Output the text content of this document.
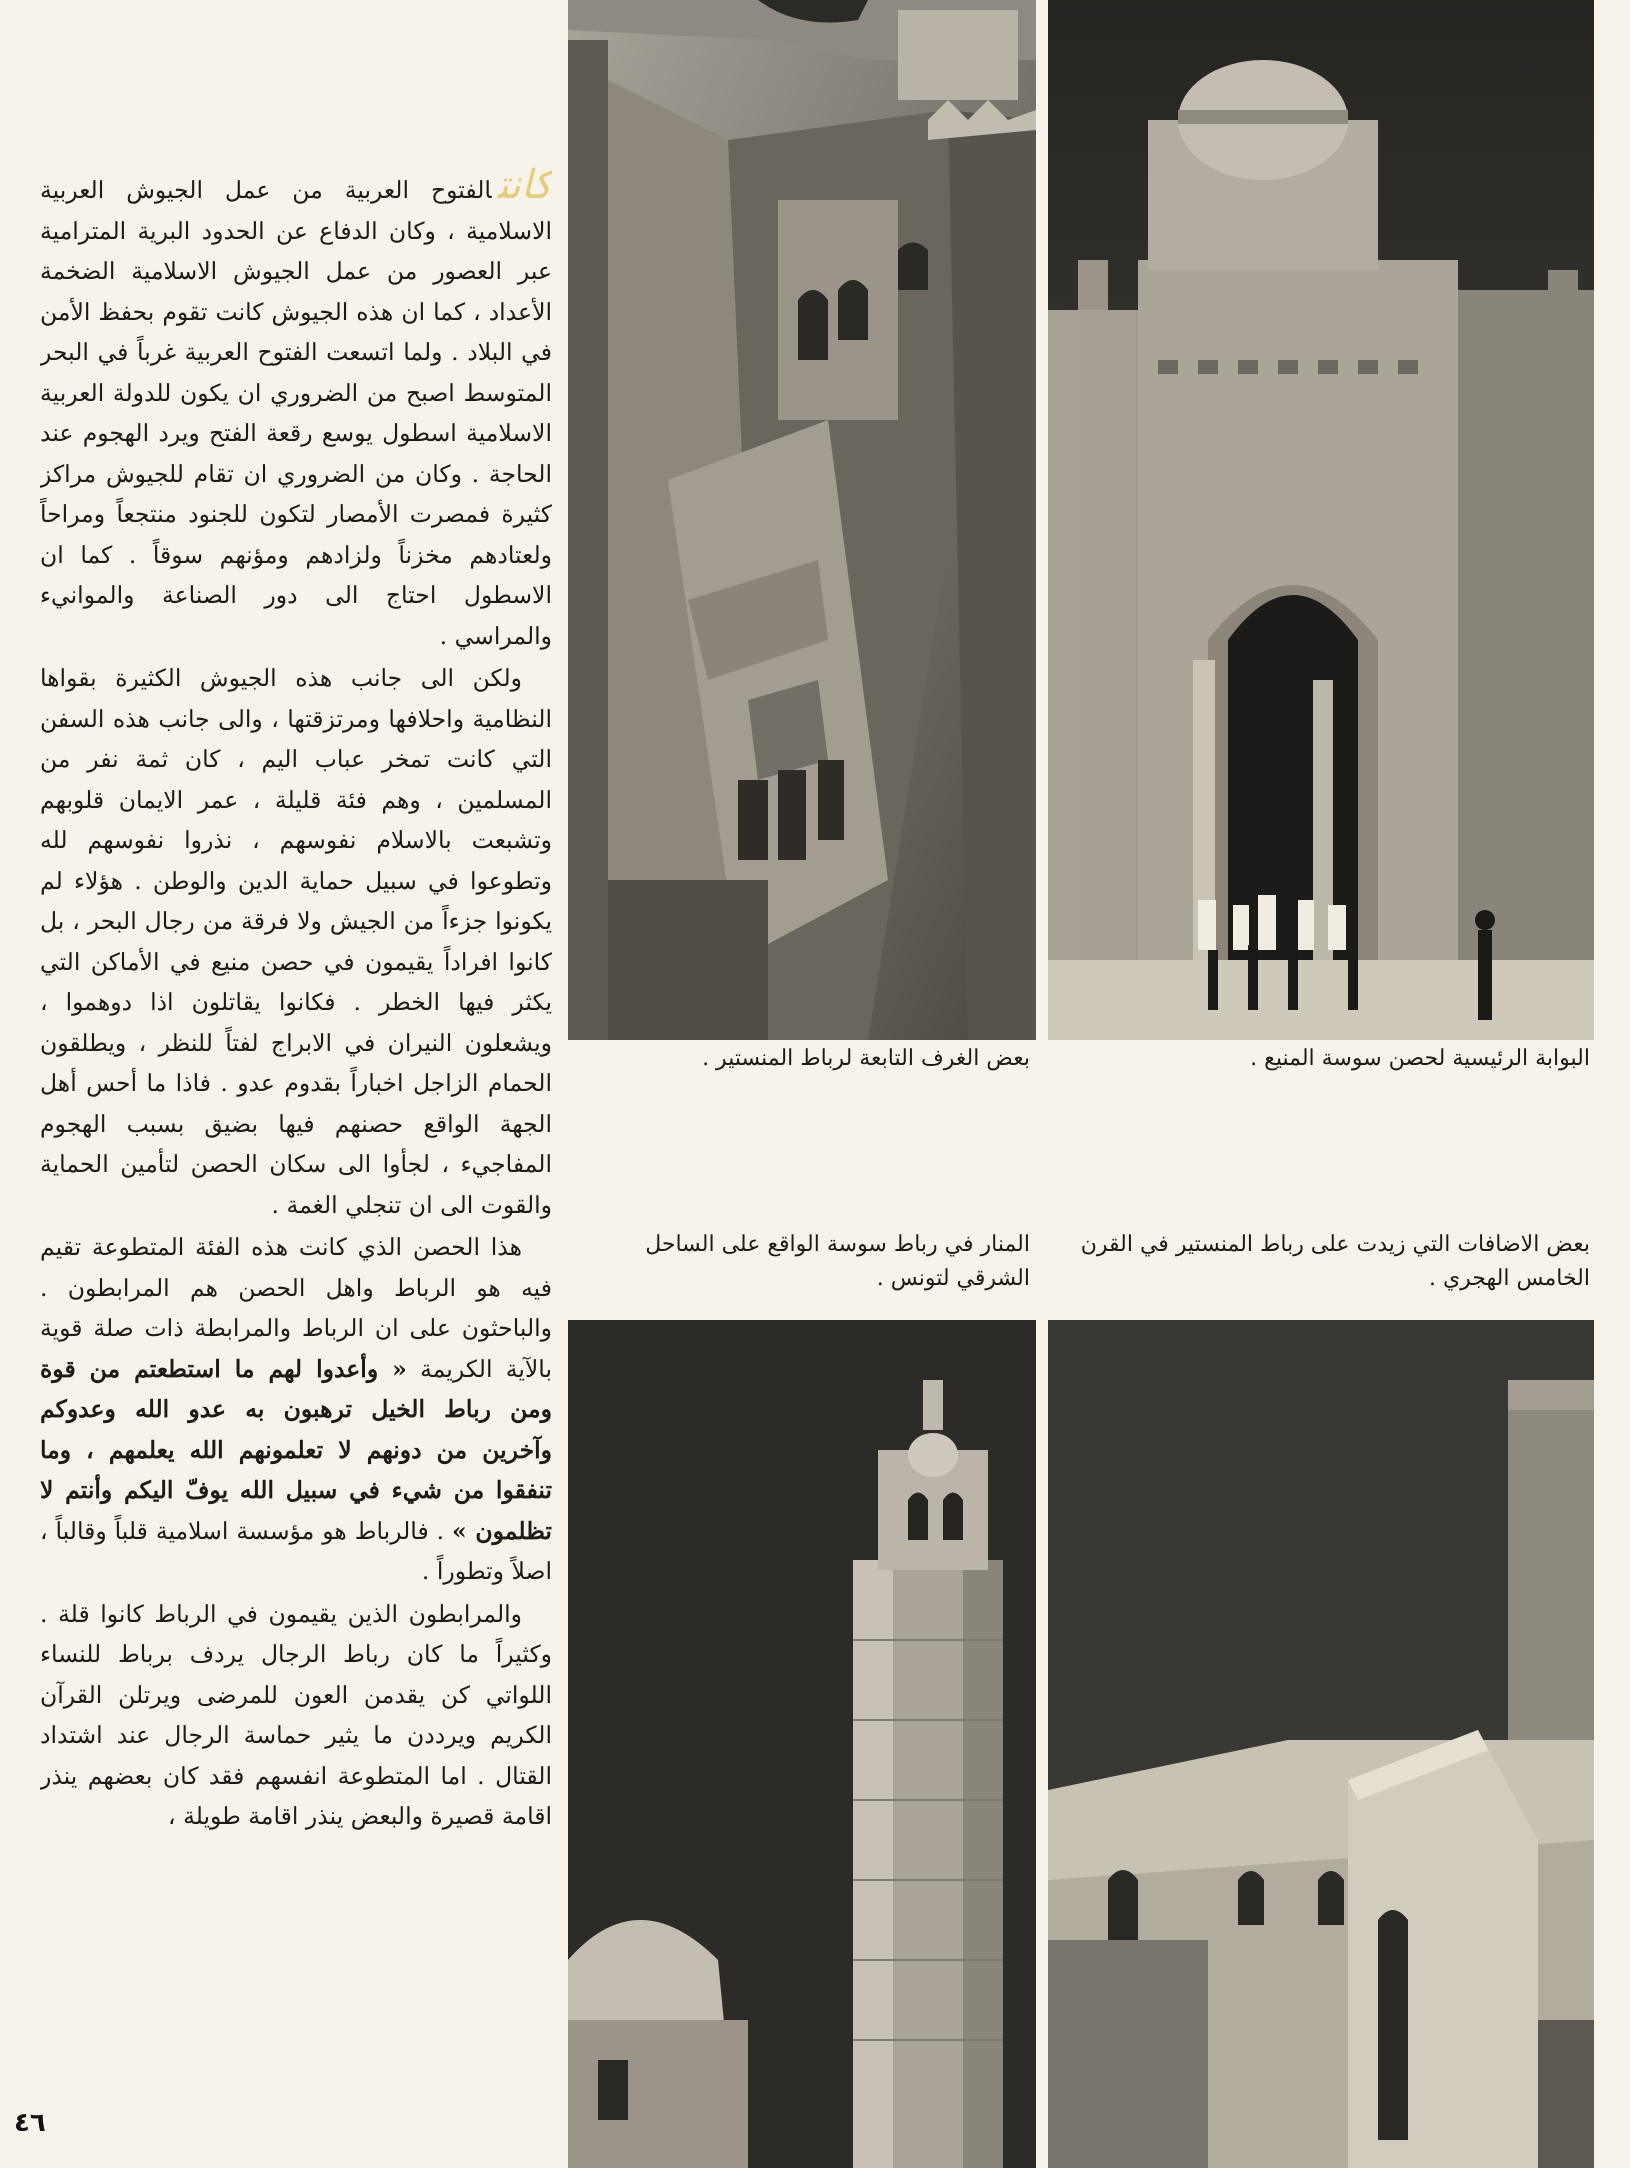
كانتالفتوح العربية من عمل الجيوش العربية الاسلامية ، وكان الدفاع عن الحدود البرية المترامية عبر العصور من عمل الجيوش الاسلامية الضخمة الأعداد ، كما ان هذه الجيوش كانت تقوم بحفظ الأمن في البلاد . ولما اتسعت الفتوح العربية غرباً في البحر المتوسط اصبح من الضروري ان يكون للدولة العربية الاسلامية اسطول يوسع رقعة الفتح ويرد الهجوم عند الحاجة . وكان من الضروري ان تقام للجيوش مراكز كثيرة فمصرت الأمصار لتكون للجنود منتجعاً ومراحاً ولعتادهم مخزناً ولزادهم ومؤنهم سوقاً . كما ان الاسطول احتاج الى دور الصناعة والموانيء والمراسي .

ولكن الى جانب هذه الجيوش الكثيرة بقواها النظامية واحلافها ومرتزقتها ، والى جانب هذه السفن التي كانت تمخر عباب اليم ، كان ثمة نفر من المسلمين ، وهم فئة قليلة ، عمر الايمان قلوبهم وتشبعت بالاسلام نفوسهم ، نذروا نفوسهم لله وتطوعوا في سبيل حماية الدين والوطن . هؤلاء لم يكونوا جزءاً من الجيش ولا فرقة من رجال البحر ، بل كانوا افراداً يقيمون في حصن منيع في الأماكن التي يكثر فيها الخطر . فكانوا يقاتلون اذا دوهموا ، ويشعلون النيران في الابراج لفتاً للنظر ، ويطلقون الحمام الزاجل اخباراً بقدوم عدو . فاذا ما أحس أهل الجهة الواقع حصنهم فيها بضيق بسبب الهجوم المفاجيء ، لجأوا الى سكان الحصن لتأمين الحماية والقوت الى ان تنجلي الغمة .

هذا الحصن الذي كانت هذه الفئة المتطوعة تقيم فيه هو الرباط واهل الحصن هم المرابطون . والباحثون على ان الرباط والمرابطة ذات صلة قوية بالآية الكريمة « وأعدوا لهم ما استطعتم من قوة ومن رباط الخيل ترهبون به عدو الله وعدوكم وآخرين من دونهم لا تعلمونهم الله يعلمهم ، وما تنفقوا من شيء في سبيل الله يوفّ اليكم وأنتم لا تظلمون » . فالرباط هو مؤسسة اسلامية قلباً وقالباً ، اصلاً وتطوراً .

والمرابطون الذين يقيمون في الرباط كانوا قلة . وكثيراً ما كان رباط الرجال يردف برباط للنساء اللواتي كن يقدمن العون للمرضى ويرتلن القرآن الكريم ويرددن ما يثير حماسة الرجال عند اشتداد القتال . اما المتطوعة انفسهم فقد كان بعضهم ينذر اقامة قصيرة والبعض ينذر اقامة طويلة ،

٤٦
بعض الغرف التابعة لرباط المنستير .	البوابة الرئيسية لحصن سوسة المنيع .
المنار في رباط سوسة الواقع على الساحل الشرقي لتونس .
بعض الاضافات التي زيدت على رباط المنستير في القرن الخامس الهجري .
